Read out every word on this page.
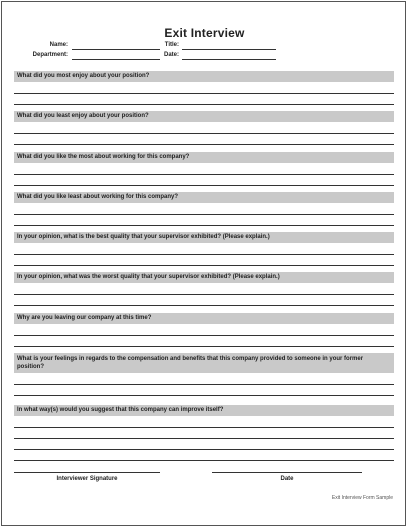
Exit Interview
Name:	Title:
Department:	Date:
What did you most enjoy about your position?
What did you least enjoy about your position?
What did you like the most about working for this company?
What did you like least about working for this company?
In your opinion, what is the best quality that your supervisor exhibited? (Please explain.)
In your opinion, what was the worst quality that your supervisor exhibited? (Please explain.)
Why are you leaving our company at this time?
What is your feelings in regards to the compensation and benefits that this company provided to someone in your former position?
In what way(s) would you suggest that this company can improve itself?
Interviewer Signature	Date
Exit Interview Form Sample
